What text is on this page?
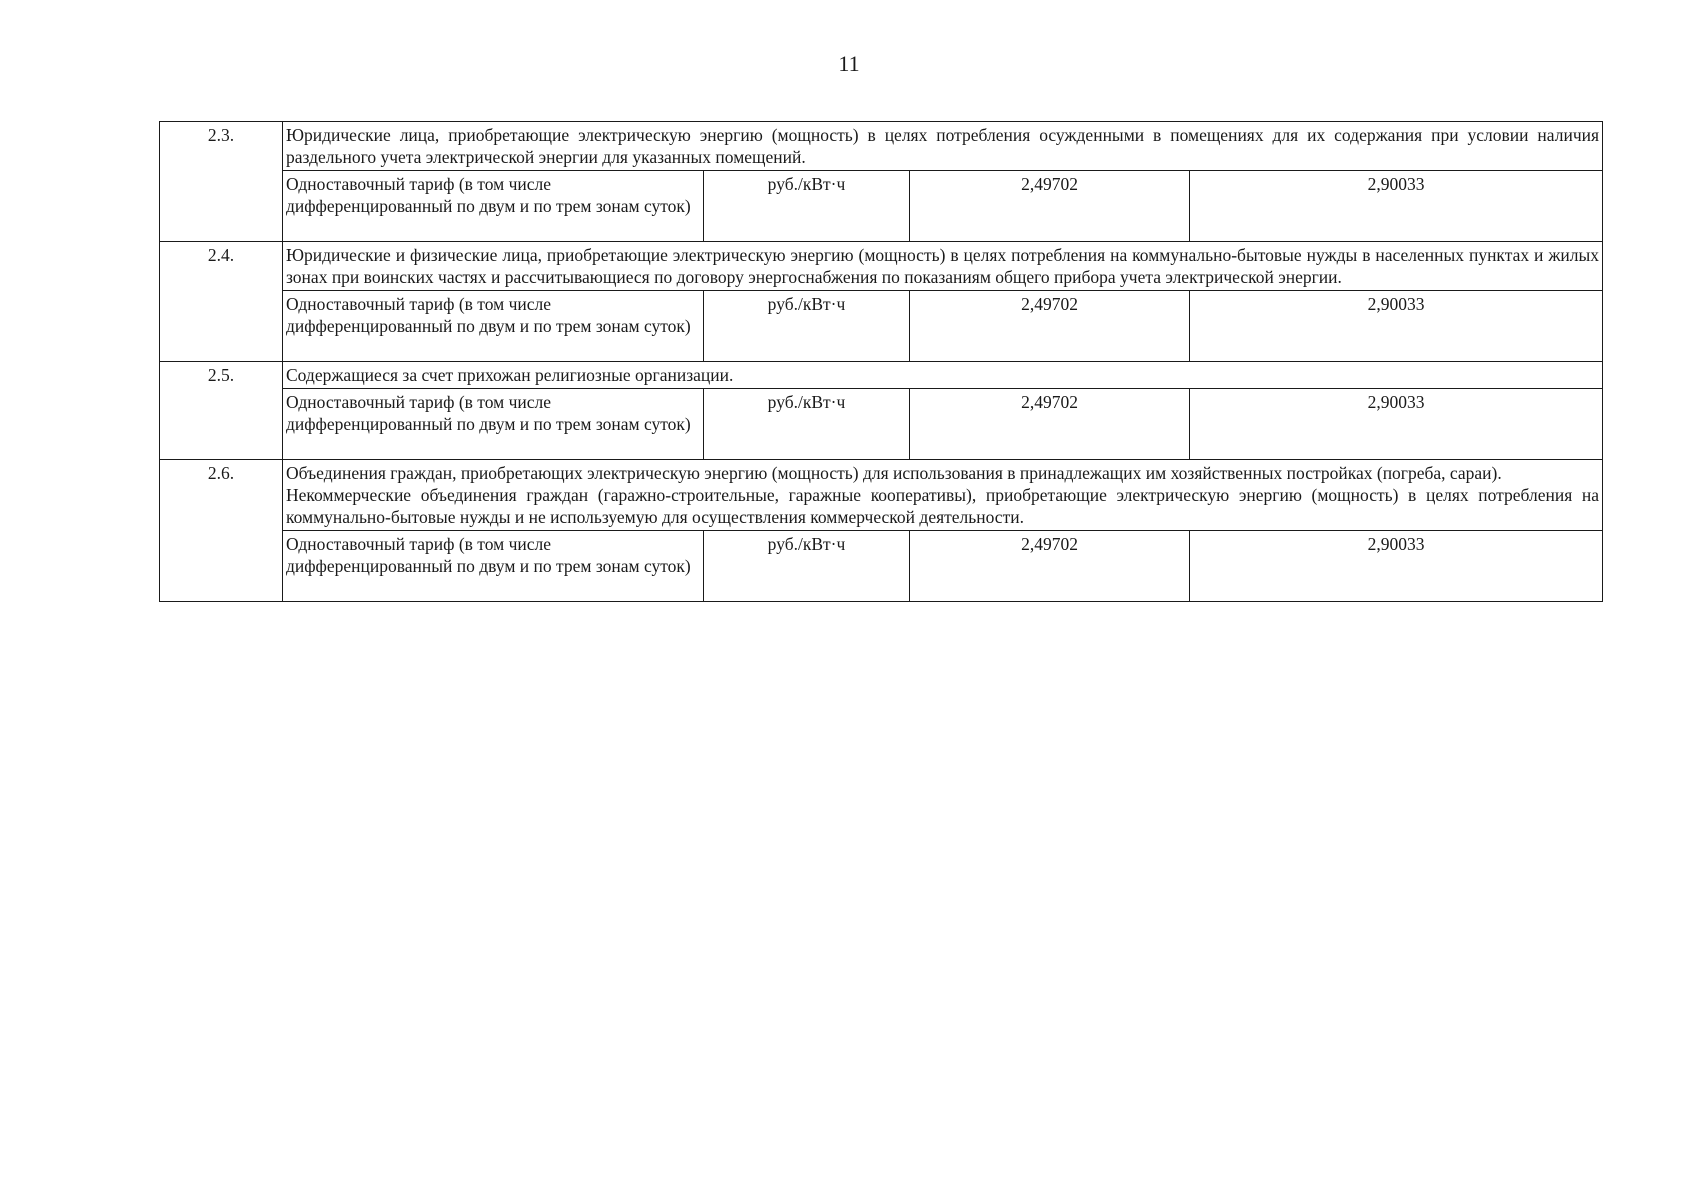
11
2.3.	Юридические лица, приобретающие электрическую энергию (мощность) в целях потребления осужденными в помещениях для их содержания при условии наличия раздельного учета электрической энергии для указанных помещений.			

	Одноставочный тариф (в том числе дифференцированный по двум и по трем зонам суток)	руб./кВт·ч	2,49702	2,90033
2.4.	Юридические и физические лица, приобретающие электрическую энергию (мощность) в целях потребления на коммунально-бытовые нужды в населенных пунктах и жилых зонах при воинских частях и рассчитывающиеся по договору энергоснабжения по показаниям общего прибора учета электрической энергии.			

	Одноставочный тариф (в том числе дифференцированный по двум и по трем зонам суток)	руб./кВт·ч	2,49702	2,90033
2.5.	Содержащиеся за счет прихожан религиозные организации.			

	Одноставочный тариф (в том числе дифференцированный по двум и по трем зонам суток)	руб./кВт·ч	2,49702	2,90033
2.6.	Объединения граждан, приобретающих электрическую энергию (мощность) для использования в принадлежащих им хозяйственных постройках (погреба, сараи).
Некоммерческие объединения граждан (гаражно-строительные, гаражные кооперативы), приобретающие электрическую энергию (мощность) в целях потребления на коммунально-бытовые нужды и не используемую для осуществления коммерческой деятельности.			

	Одноставочный тариф (в том числе дифференцированный по двум и по трем зонам суток)	руб./кВт·ч	2,49702	2,90033
